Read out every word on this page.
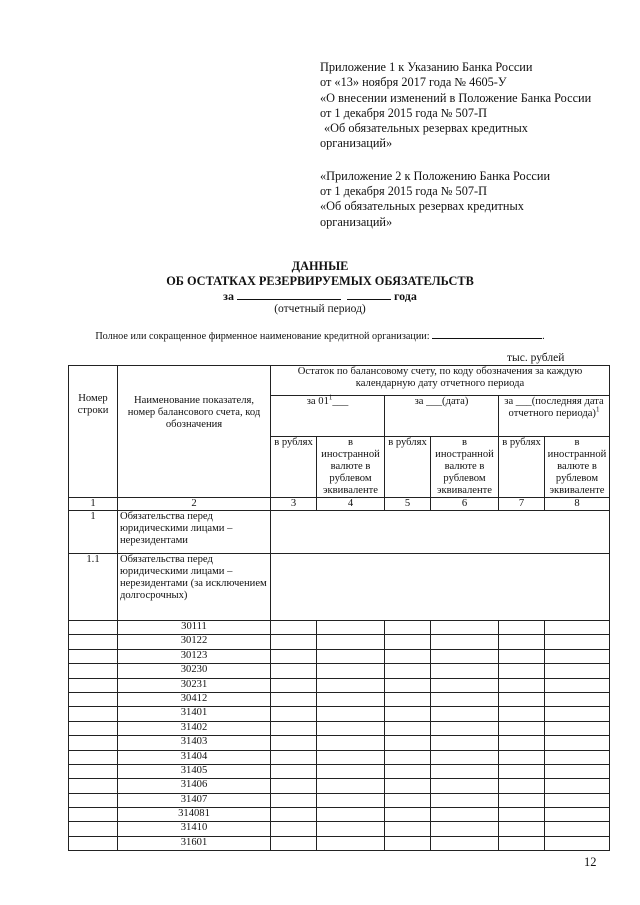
Приложение 1 к Указанию Банка России
от «13» ноября 2017 года № 4605-У
«О внесении изменений в Положение Банка России
от 1 декабря 2015 года № 507-П
«Об обязательных резервах кредитных
организаций»
«Приложение 2 к Положению Банка России
от 1 декабря 2015 года № 507-П
«Об обязательных резервах кредитных
организаций»
ДАННЫЕ
ОБ ОСТАТКАХ РЕЗЕРВИРУЕМЫХ ОБЯЗАТЕЛЬСТВ
за	года
(отчетный период)
Полное или сокращенное фирменное наименование кредитной организации:	.
тыс. рублей
Номер строки	Наименование показателя, номер балансового счета, код обозначения	Остаток по балансовому счету, по коду обозначения за каждую календарную дату отчетного периода					
		за $01^1\_\_\_$		за ___(дата)		за ___(последняя дата отчетного периода)$^1$
		в рублях	в иностранной валюте в рублевом эквиваленте	в рублях	в иностранной валюте в рублевом эквиваленте	в рублях	в иностранной валюте в рублевом эквиваленте
1	2	3	4	5	6	7	8
1	Обязательства перед юридическими лицами – нерезидентами						
1.1	Обязательства перед юридическими лицами – нерезидентами (за исключением долгосрочных)						
	30111						
	30122						
	30123						
	30230						
	30231						
	30412						
	31401						
	31402						
	31403						
	31404						
	31405						
	31406						
	31407						
	314081						
	31410						
	31601						
12
